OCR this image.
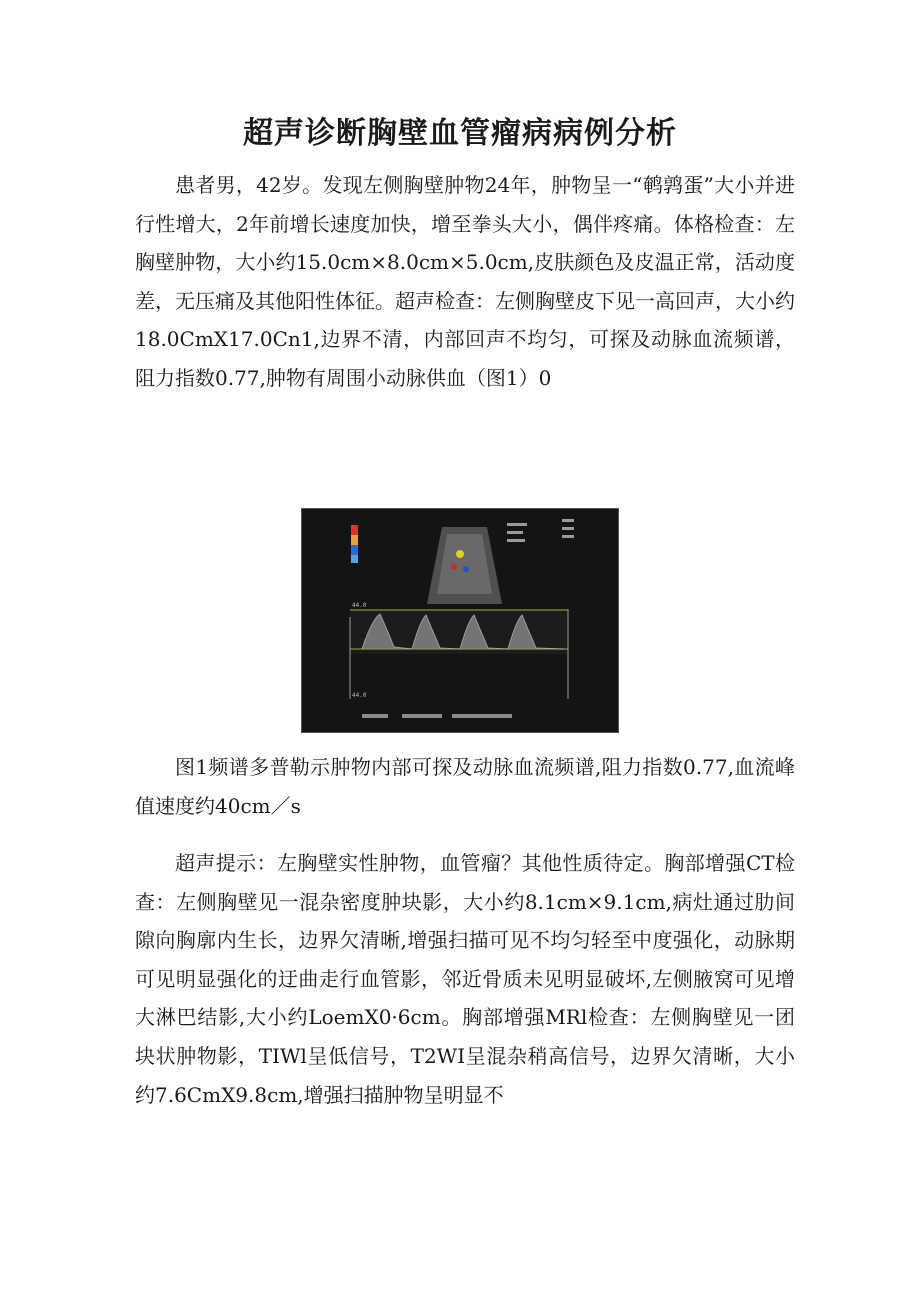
超声诊断胸壁血管瘤病病例分析

患者男，42岁。发现左侧胸壁肿物24年，肿物呈一“鹌鹑蛋”大小并进行性增大，2年前增长速度加快，增至拳头大小，偶伴疼痛。体格检查：左胸壁肿物，大小约15.0cm×8.0cm×5.0cm,皮肤颜色及皮温正常，活动度差，无压痛及其他阳性体征。超声检查：左侧胸壁皮下见一高回声，大小约18.0CmX17.0Cn1,边界不清，内部回声不均匀，可探及动脉血流频谱，阻力指数0.77,肿物有周围小动脉供血（图1）0

44.0
44.0

图1频谱多普勒示肿物内部可探及动脉血流频谱,阻力指数0.77,血流峰值速度约40cm／s

超声提示：左胸壁实性肿物，血管瘤？其他性质待定。胸部增强CT检查：左侧胸壁见一混杂密度肿块影，大小约8.1cm×9.1cm,病灶通过肋间隙向胸廓内生长，边界欠清晰,增强扫描可见不均匀轻至中度强化，动脉期可见明显强化的迂曲走行血管影，邻近骨质未见明显破坏,左侧腋窝可见增大淋巴结影,大小约LoemX0·6cm。胸部增强MRl检查：左侧胸壁见一团块状肿物影，TIWl呈低信号，T2WI呈混杂稍高信号，边界欠清晰，大小约7.6CmX9.8cm,增强扫描肿物呈明显不
